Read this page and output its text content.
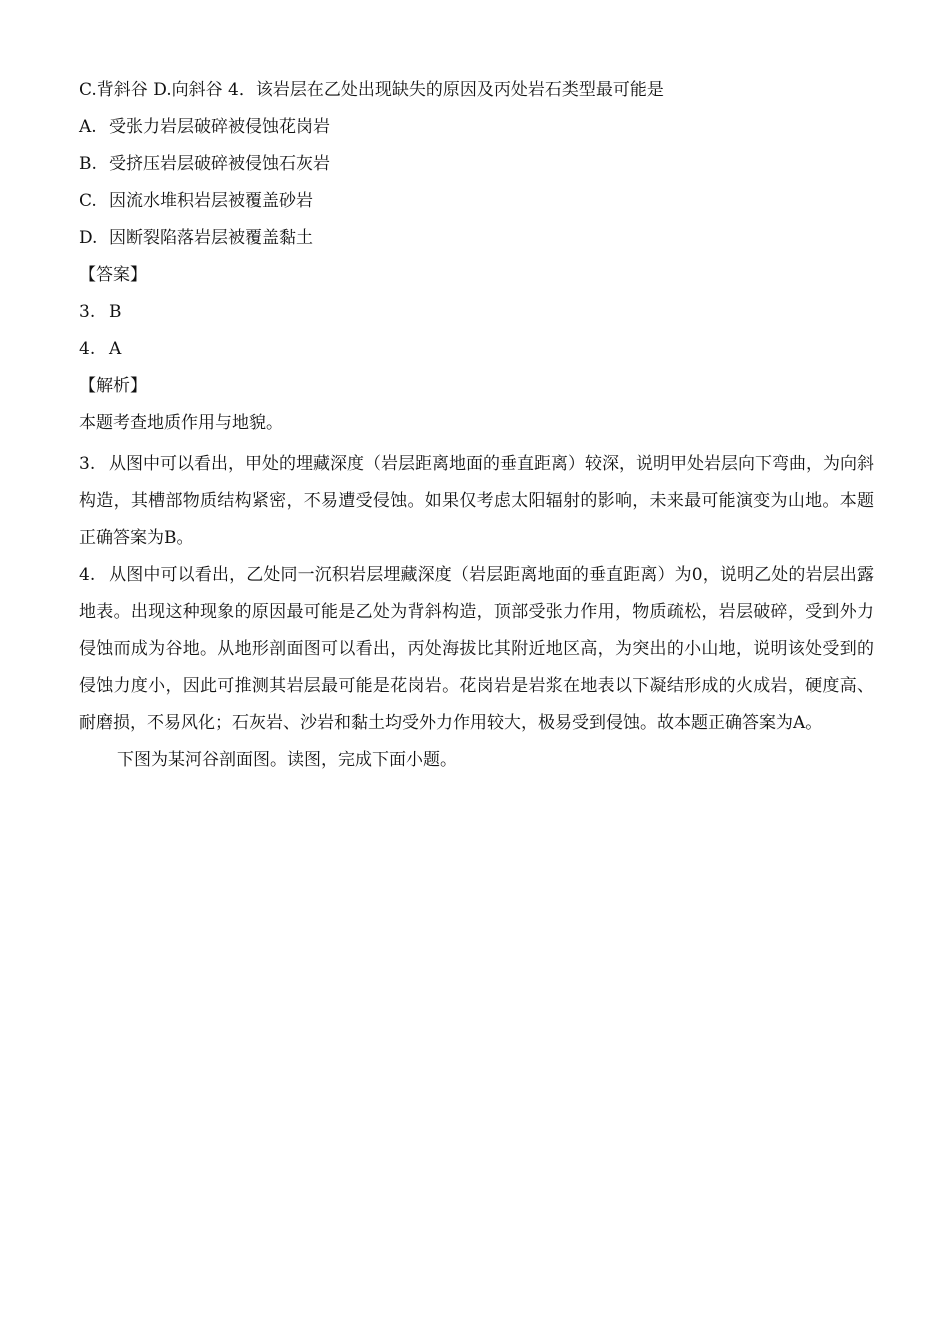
C.背斜谷 D.向斜谷 4．该岩层在乙处出现缺失的原因及丙处岩石类型最可能是
A. 受张力岩层破碎被侵蚀花岗岩
B. 受挤压岩层破碎被侵蚀石灰岩
C. 因流水堆积岩层被覆盖砂岩
D. 因断裂陷落岩层被覆盖黏土
【答案】
3. B
4. A
【解析】
本题考查地质作用与地貌。

3. 从图中可以看出，甲处的埋藏深度（岩层距离地面的垂直距离）较深，说明甲处岩层向下弯曲，为向斜构造，其槽部物质结构紧密，不易遭受侵蚀。如果仅考虑太阳辐射的影响，未来最可能演变为山地。本题正确答案为B。

4. 从图中可以看出，乙处同一沉积岩层埋藏深度（岩层距离地面的垂直距离）为0，说明乙处的岩层出露地表。出现这种现象的原因最可能是乙处为背斜构造，顶部受张力作用，物质疏松，岩层破碎，受到外力侵蚀而成为谷地。从地形剖面图可以看出，丙处海拔比其附近地区高，为突出的小山地，说明该处受到的侵蚀力度小，因此可推测其岩层最可能是花岗岩。花岗岩是岩浆在地表以下凝结形成的火成岩，硬度高、耐磨损，不易风化；石灰岩、沙岩和黏土均受外力作用较大，极易受到侵蚀。故本题正确答案为A。

下图为某河谷剖面图。读图，完成下面小题。
